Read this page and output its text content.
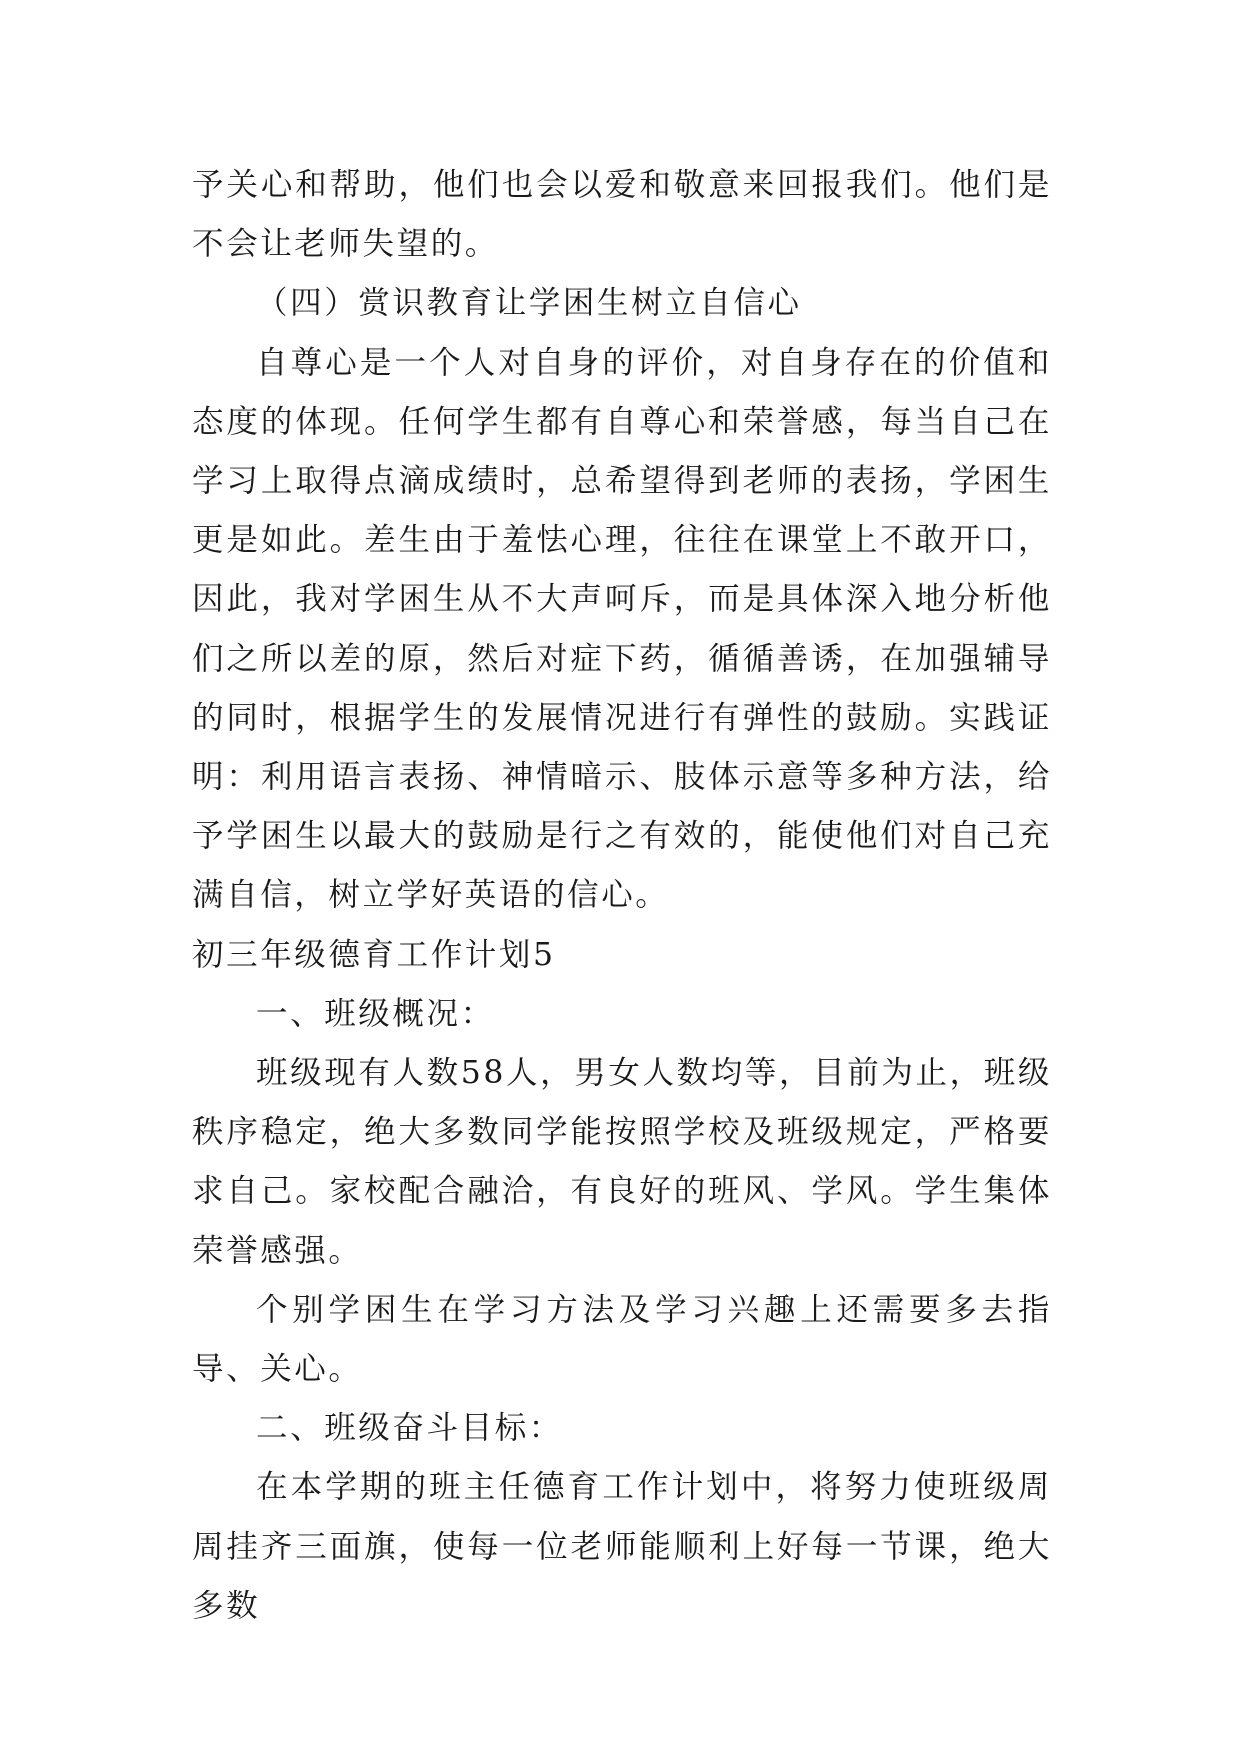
予关心和帮助，他们也会以爱和敬意来回报我们。他们是不会让老师失望的。

（四）赏识教育让学困生树立自信心

自尊心是一个人对自身的评价，对自身存在的价值和态度的体现。任何学生都有自尊心和荣誉感，每当自己在学习上取得点滴成绩时，总希望得到老师的表扬，学困生更是如此。差生由于羞怯心理，往往在课堂上不敢开口，因此，我对学困生从不大声呵斥，而是具体深入地分析他们之所以差的原，然后对症下药，循循善诱，在加强辅导的同时，根据学生的发展情况进行有弹性的鼓励。实践证明：利用语言表扬、神情暗示、肢体示意等多种方法，给予学困生以最大的鼓励是行之有效的，能使他们对自己充满自信，树立学好英语的信心。

初三年级德育工作计划5

一、班级概况：

班级现有人数58人，男女人数均等，目前为止，班级秩序稳定，绝大多数同学能按照学校及班级规定，严格要求自己。家校配合融洽，有良好的班风、学风。学生集体荣誉感强。

个别学困生在学习方法及学习兴趣上还需要多去指导、关心。

二、班级奋斗目标：

在本学期的班主任德育工作计划中，将努力使班级周周挂齐三面旗，使每一位老师能顺利上好每一节课，绝大多数
